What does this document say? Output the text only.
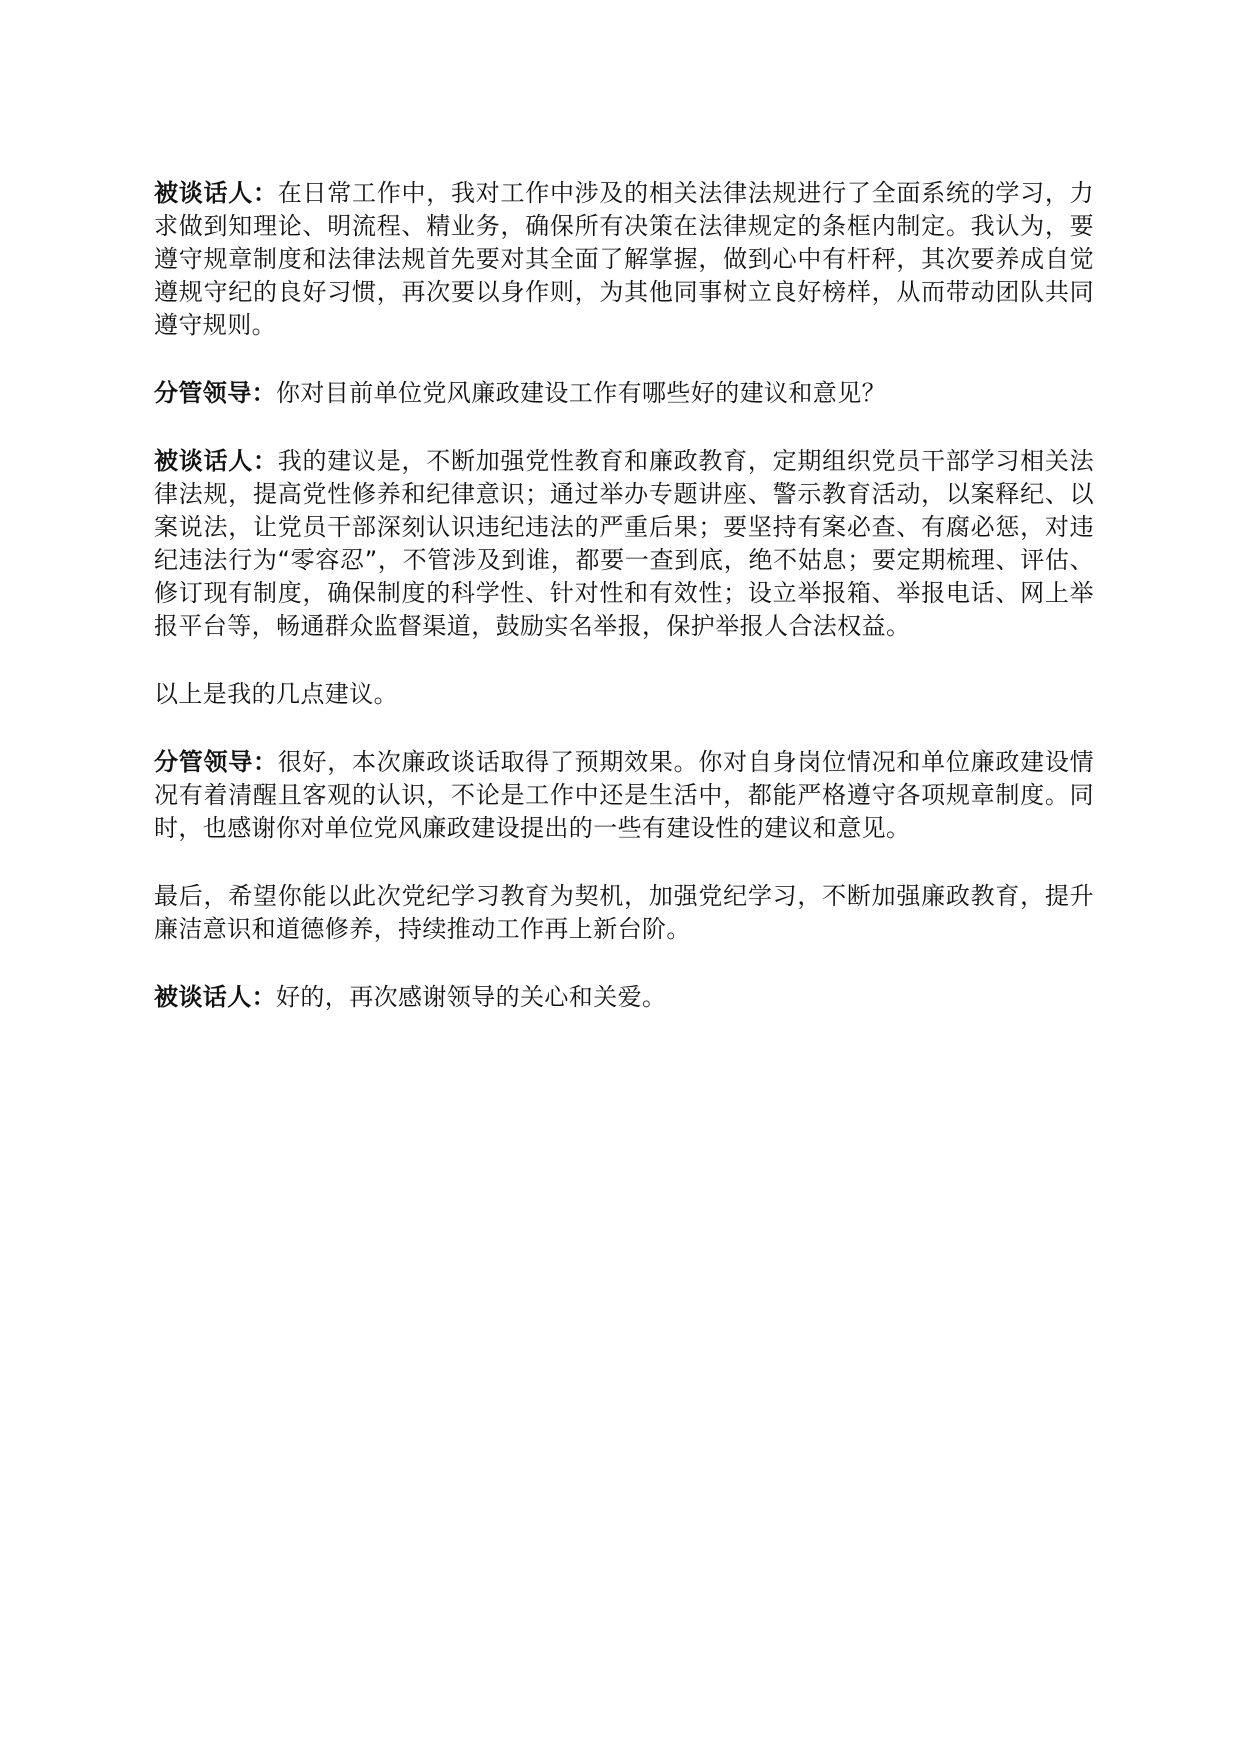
被谈话人：在日常工作中，我对工作中涉及的相关法律法规进行了全面系统的学习，力求做到知理论、明流程、精业务，确保所有决策在法律规定的条框内制定。我认为，要遵守规章制度和法律法规首先要对其全面了解掌握，做到心中有杆秤，其次要养成自觉遵规守纪的良好习惯，再次要以身作则，为其他同事树立良好榜样，从而带动团队共同遵守规则。

分管领导：你对目前单位党风廉政建设工作有哪些好的建议和意见？

被谈话人：我的建议是，不断加强党性教育和廉政教育，定期组织党员干部学习相关法律法规，提高党性修养和纪律意识；通过举办专题讲座、警示教育活动，以案释纪、以案说法，让党员干部深刻认识违纪违法的严重后果；要坚持有案必查、有腐必惩，对违纪违法行为“零容忍”，不管涉及到谁，都要一查到底，绝不姑息；要定期梳理、评估、修订现有制度，确保制度的科学性、针对性和有效性；设立举报箱、举报电话、网上举报平台等，畅通群众监督渠道，鼓励实名举报，保护举报人合法权益。

以上是我的几点建议。

分管领导：很好，本次廉政谈话取得了预期效果。你对自身岗位情况和单位廉政建设情况有着清醒且客观的认识，不论是工作中还是生活中，都能严格遵守各项规章制度。同时，也感谢你对单位党风廉政建设提出的一些有建设性的建议和意见。

最后，希望你能以此次党纪学习教育为契机，加强党纪学习，不断加强廉政教育，提升廉洁意识和道德修养，持续推动工作再上新台阶。

被谈话人：好的，再次感谢领导的关心和关爱。
